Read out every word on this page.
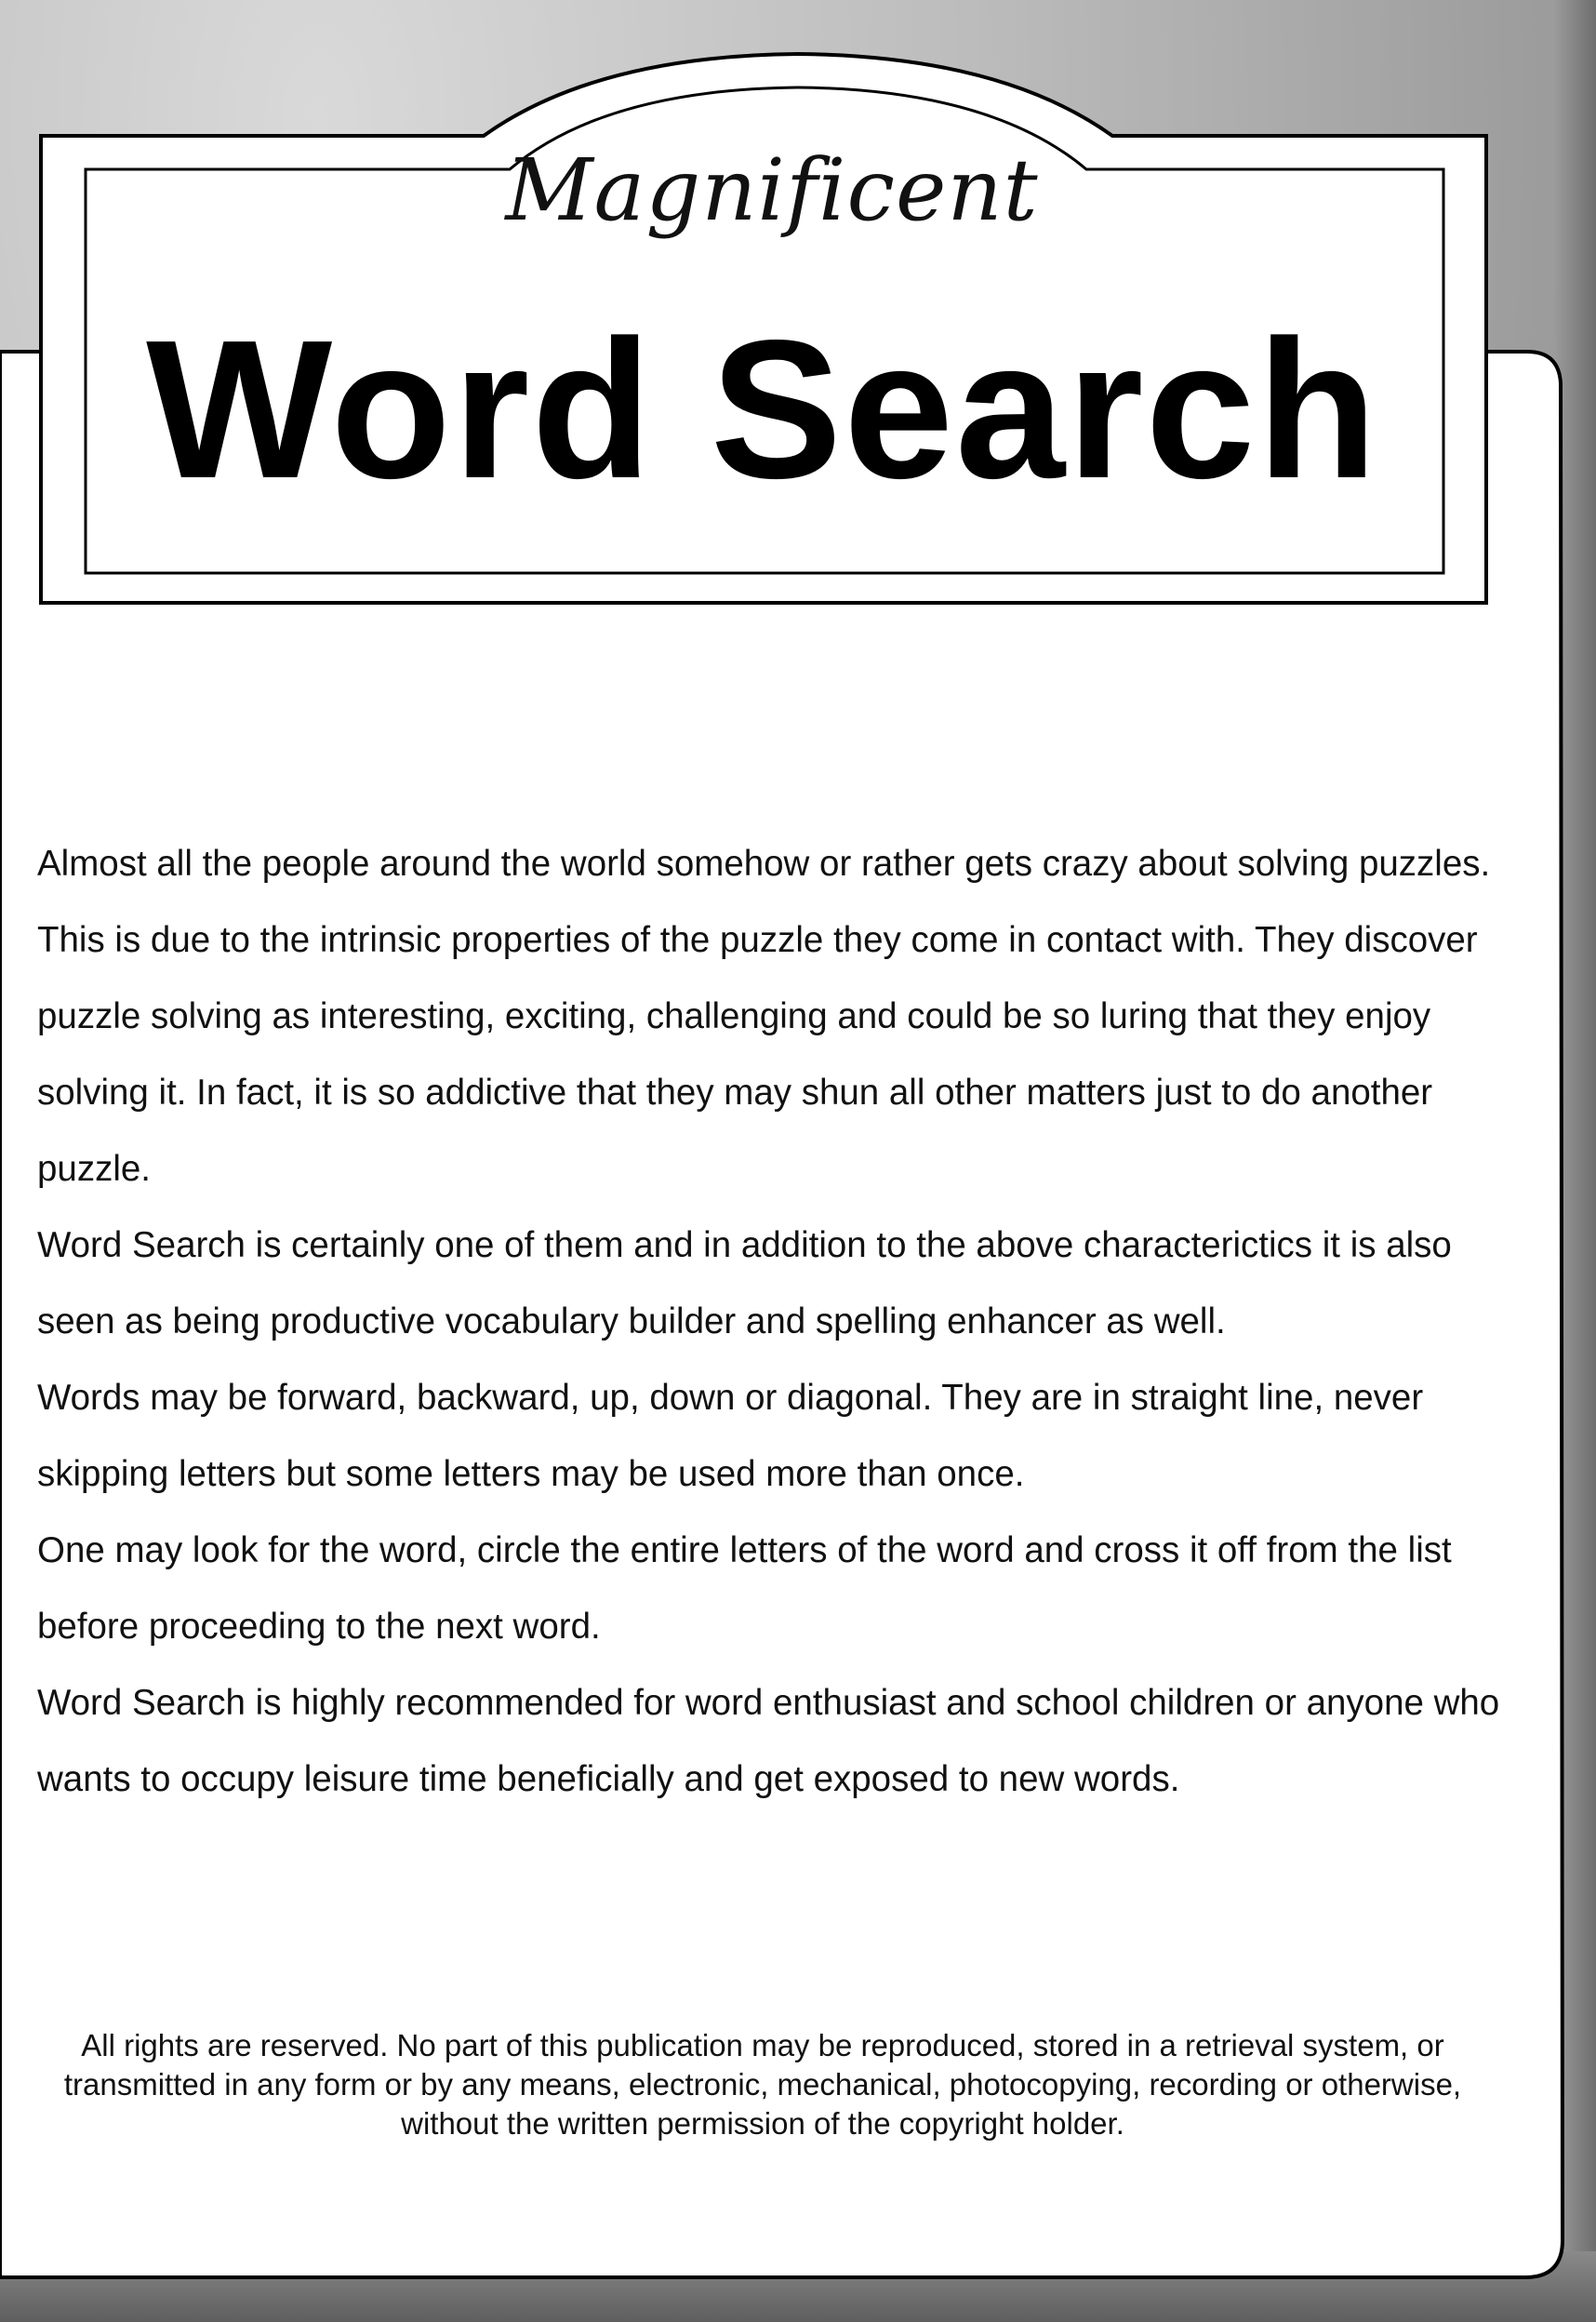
Magnificent
Word Search

Almost all the people around the world somehow or rather gets crazy about solving puzzles. This is due to the intrinsic properties of the puzzle they come in contact with. They discover puzzle solving as interesting, exciting, challenging and could be so luring that they enjoy solving it. In fact, it is so addictive that they may shun all other matters just to do another puzzle.

Word Search is certainly one of them and in addition to the above characterictics it is also seen as being productive vocabulary builder and spelling enhancer as well.

Words may be forward, backward, up, down or diagonal. They are in straight line, never skipping letters but some letters may be used more than once.

One may look for the word, circle the entire letters of the word and cross it off from the list before proceeding to the next word.

Word Search is highly recommended for word enthusiast and school children or anyone who wants to occupy leisure time beneficially and get exposed to new words.

All rights are reserved. No part of this publication may be reproduced, stored in a retrieval system, or

transmitted in any form or by any means, electronic, mechanical, photocopying, recording or otherwise,

without the written permission of the copyright holder.
